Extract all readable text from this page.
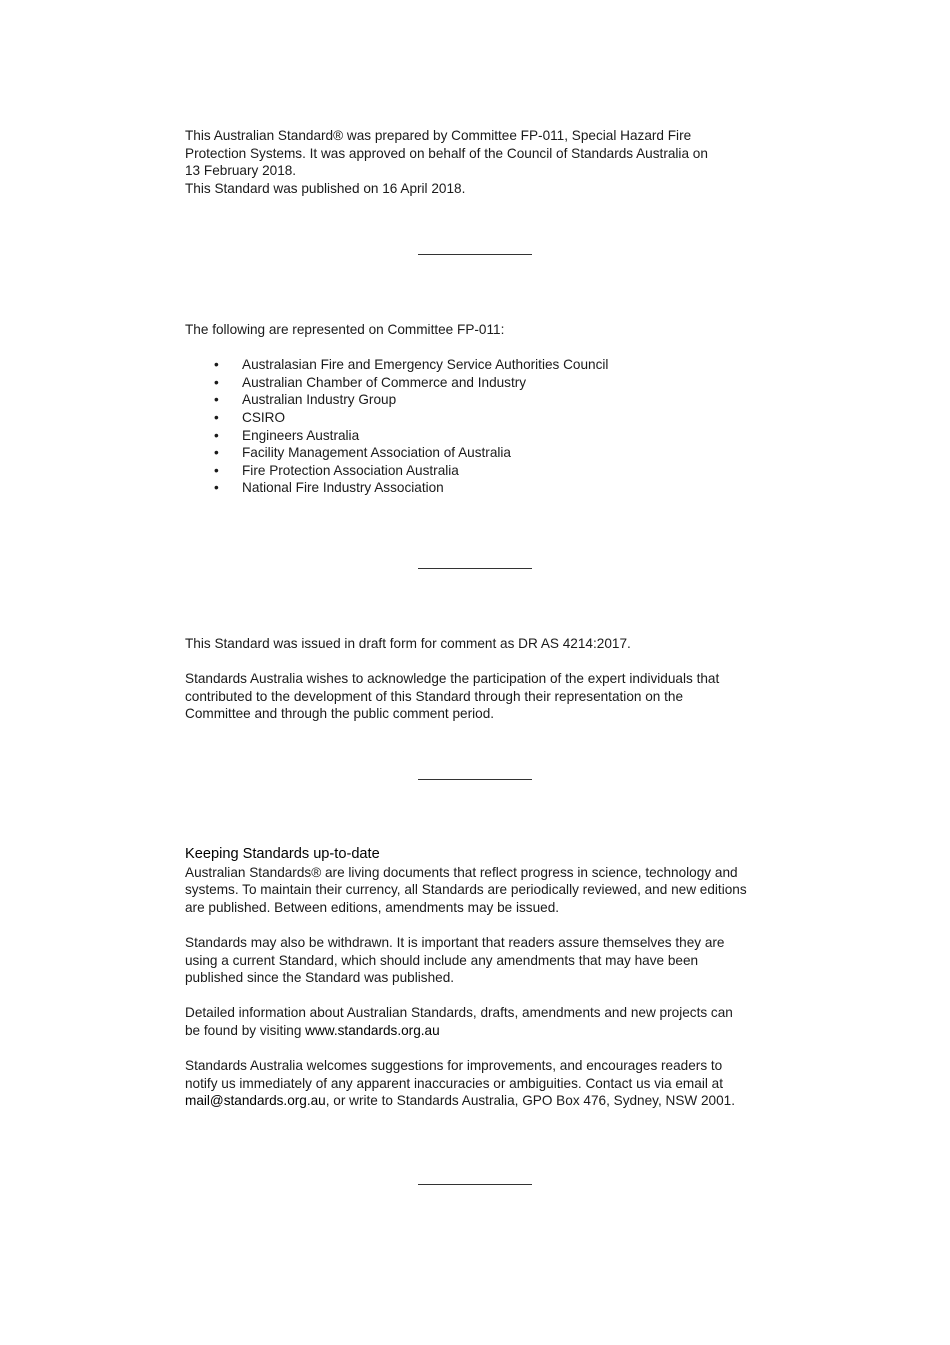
This Australian Standard® was prepared by Committee FP-011, Special Hazard Fire

Protection Systems. It was approved on behalf of the Council of Standards Australia on

13 February 2018.

This Standard was published on 16 April 2018.

The following are represented on Committee FP-011:

• Australasian Fire and Emergency Service Authorities Council
• Australian Chamber of Commerce and Industry
• Australian Industry Group
• CSIRO
• Engineers Australia
• Facility Management Association of Australia
• Fire Protection Association Australia
• National Fire Industry Association

This Standard was issued in draft form for comment as DR AS 4214:2017.

Standards Australia wishes to acknowledge the participation of the expert individuals that

contributed to the development of this Standard through their representation on the

Committee and through the public comment period.

Keeping Standards up-to-date

Australian Standards® are living documents that reflect progress in science, technology and

systems. To maintain their currency, all Standards are periodically reviewed, and new editions

are published. Between editions, amendments may be issued.

Standards may also be withdrawn. It is important that readers assure themselves they are

using a current Standard, which should include any amendments that may have been

published since the Standard was published.

Detailed information about Australian Standards, drafts, amendments and new projects can

be found by visiting www.standards.org.au

Standards Australia welcomes suggestions for improvements, and encourages readers to

notify us immediately of any apparent inaccuracies or ambiguities. Contact us via email at

mail@standards.org.au, or write to Standards Australia, GPO Box 476, Sydney, NSW 2001.
